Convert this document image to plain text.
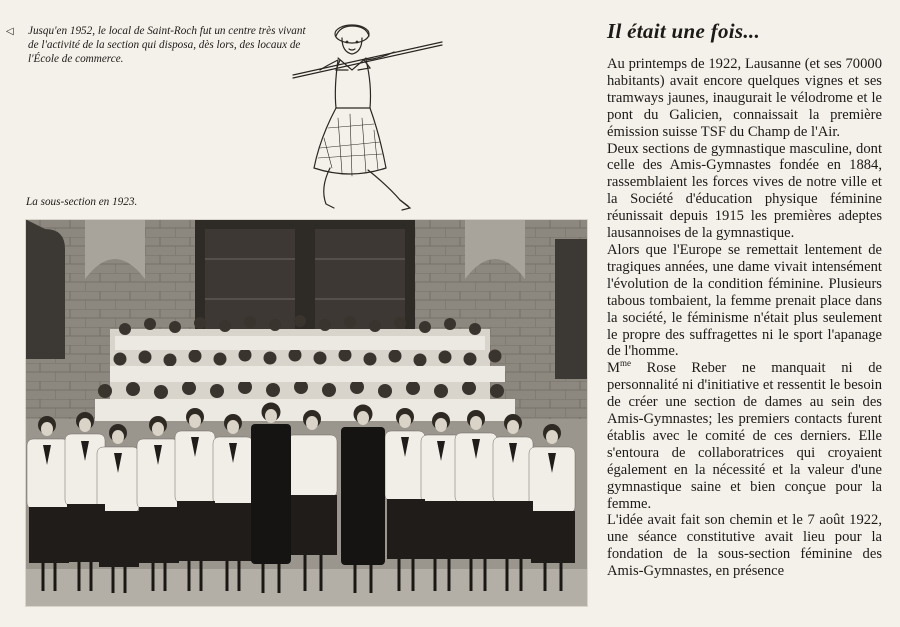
◁	Jusqu'en 1952, le local de Saint-Roch fut un centre très vivant de l'activité de la section qui disposa, dès lors, des locaux de l'École de commerce.
La sous-section en 1923.
Il était une fois...

Au printemps de 1922, Lausanne (et ses 70000 habitants) avait encore quelques vignes et ses tramways jaunes, inaugurait le vélodrome et le pont du Galicien, connaissait la première émission suisse TSF du Champ de l'Air.

Deux sections de gymnastique masculine, dont celle des Amis-Gymnastes fondée en 1884, rassemblaient les forces vives de notre ville et la Société d'éducation physique féminine réunissait depuis 1915 les premières adeptes lausannoises de la gymnastique.

Alors que l'Europe se remettait lentement de tragiques années, une dame vivait intensément l'évolution de la condition féminine. Plusieurs tabous tombaient, la femme prenait place dans la société, le féminisme n'était plus seulement le propre des suffragettes ni le sport l'apanage de l'homme.

$M^{me}$ Rose Reber ne manquait ni de personnalité ni d'initiative et ressentit le besoin de créer une section de dames au sein des Amis-Gymnastes; les premiers contacts furent établis avec le comité de ces derniers. Elle s'entoura de collaboratrices qui croyaient également en la nécessité et la valeur d'une gymnastique saine et bien conçue pour la femme.

L'idée avait fait son chemin et le 7 août 1922, une séance constitutive avait lieu pour la fondation de la sous-section féminine des Amis-Gymnastes, en présence
